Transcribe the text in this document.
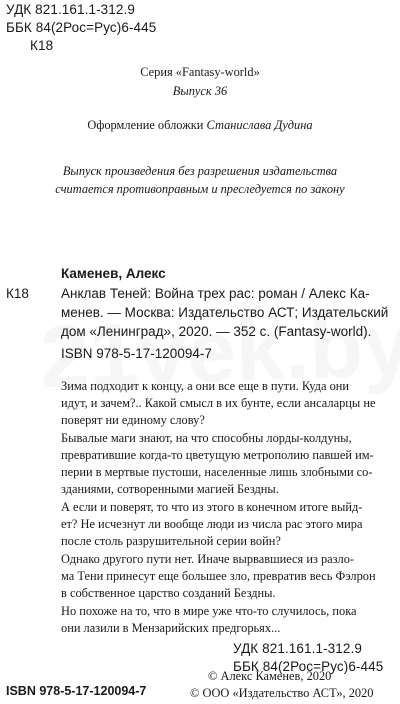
УДК 821.161.1-312.9
ББК 84(2Рос=Рус)6-445
К18
Серия «Fantasy-world»
Выпуск 36
Оформление обложки Станислава Дудина
Выпуск произведения без разрешения издательства
считается противоправным и преследуется по закону
Каменев, Алекс
К18 Анклав Теней: Война трех рас: роман / Алекс Ка-
менев. — Москва: Издательство АСТ; Издательский
дом «Ленинград», 2020. — 352 с. (Fantasy-world).
ISBN 978-5-17-120094-7
Зима подходит к концу, а они все еще в пути. Куда они
идут, и зачем?.. Какой смысл в их бунте, если ансаларцы не
поверят ни единому слову?
Бывалые маги знают, на что способны лорды-колдуны,
превратившие когда-то цветущую метрополию павшей им-
перии в мертвые пустоши, населенные лишь злобными со-
зданиями, сотворенными магией Бездны.
А если и поверят, то что из этого в конечном итоге выйд-
ет? Не исчезнут ли вообще люди из числа рас этого мира
после столь разрушительной серии войн?
Однако другого пути нет. Иначе вырвавшиеся из разло-
ма Тени принесут еще большее зло, превратив весь Фэлрон
в собственное царство созданий Бездны.
Но похоже на то, что в мире уже что-то случилось, пока
они лазили в Мензарийских предгорьях...
УДК 821.161.1-312.9
ББК 84(2Рос=Рус)6-445
ISBN 978-5-17-120094-7
© Алекс Каменев, 2020
© ООО «Издательство АСТ», 2020
